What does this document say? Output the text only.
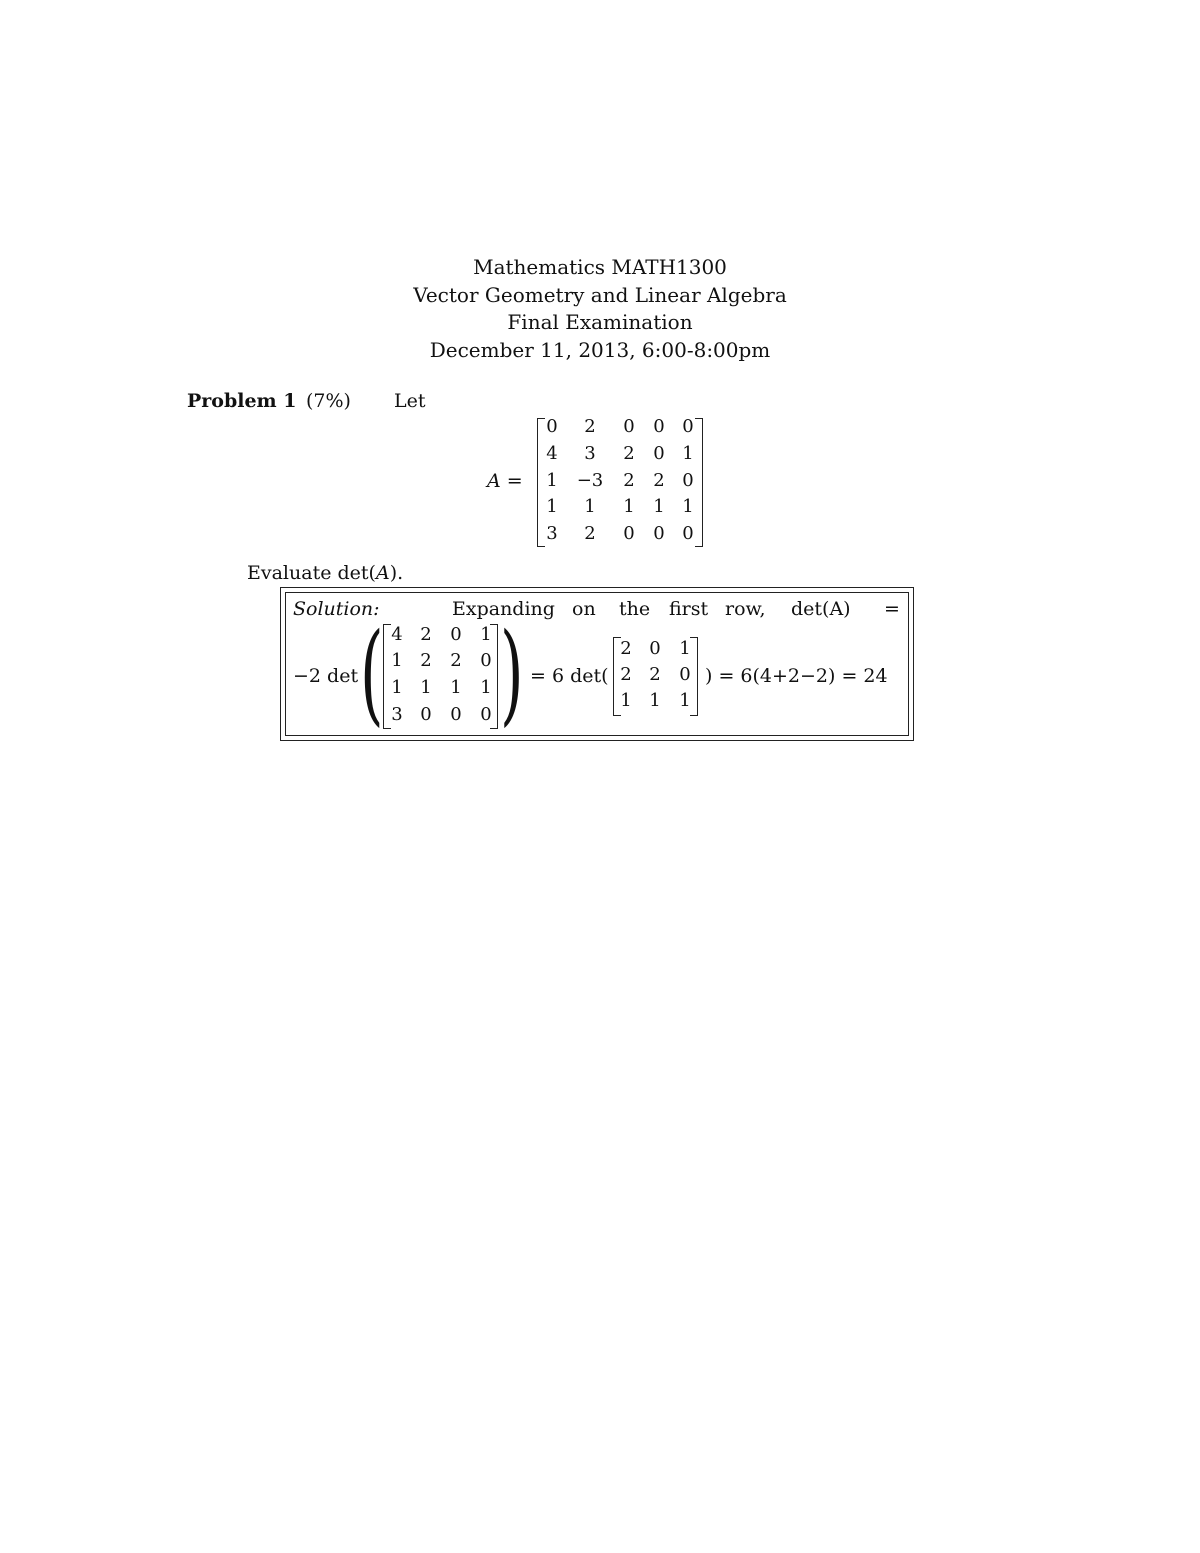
Mathematics MATH1300
Vector Geometry and Linear Algebra
Final Examination
December 11, 2013, 6:00-8:00pm
Problem 1 (7%) Let
A =
0	2	0	0 0
4	3	2	0 1
1	−3	2	2 0
1	1	1	1 1
3	2	0	0 0
Evaluate det(A).
Solution:	Expanding on the first row, det(A) =
−2 det ( )
4 2	0	1
1 2	2	0
1 1	1	1
3 0	0	0
= 6 det(
2 0	1
2 2	0
1 1	1
) = 6(4+2−2) = 24
